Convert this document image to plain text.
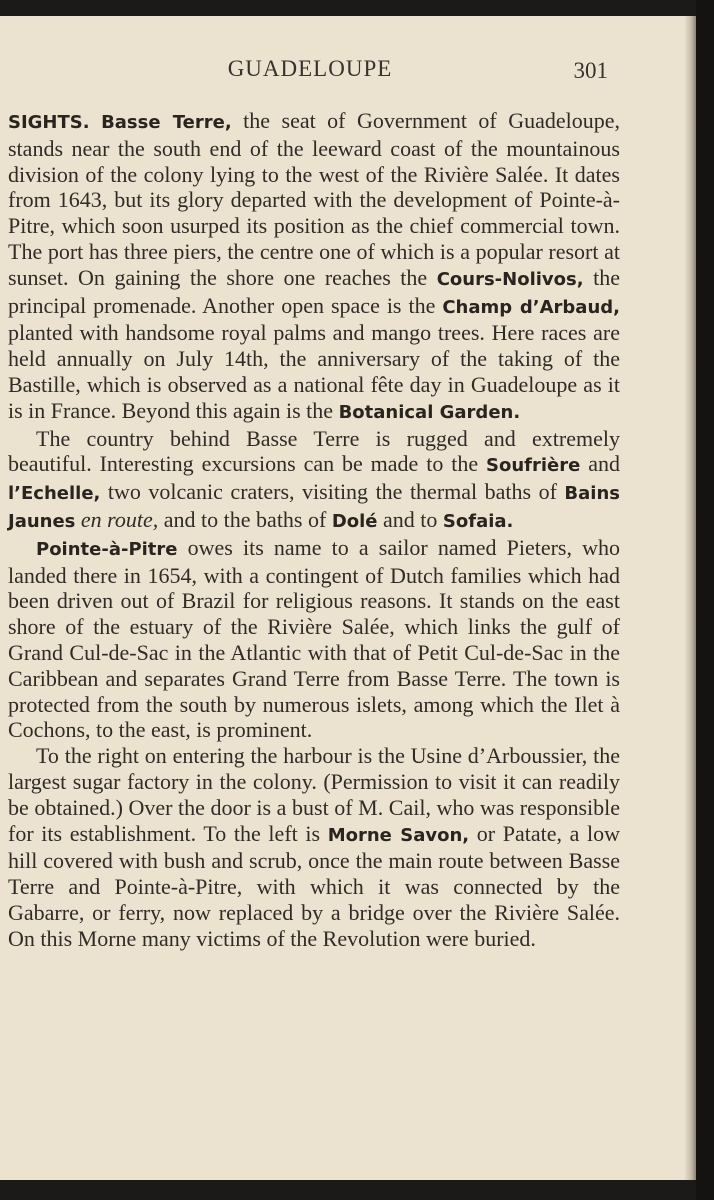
GUADELOUPE	301

SIGHTS. Basse Terre, the seat of Government of Guadeloupe, stands near the south end of the leeward coast of the mountainous division of the colony lying to the west of the Rivière Salée. It dates from 1643, but its glory departed with the development of Pointe-à-Pitre, which soon usurped its position as the chief commercial town. The port has three piers, the centre one of which is a popular resort at sunset. On gaining the shore one reaches the Cours-Nolivos, the principal promenade. Another open space is the Champ d’Arbaud, planted with handsome royal palms and mango trees. Here races are held annually on July 14th, the anniversary of the taking of the Bastille, which is observed as a national fête day in Guadeloupe as it is in France. Beyond this again is the Botanical Garden.

The country behind Basse Terre is rugged and extremely beautiful. Interesting excursions can be made to the Soufrière and l’Echelle, two volcanic craters, visiting the thermal baths of Bains Jaunes en route, and to the baths of Dolé and to Sofaia.

Pointe-à-Pitre owes its name to a sailor named Pieters, who landed there in 1654, with a contingent of Dutch families which had been driven out of Brazil for religious reasons. It stands on the east shore of the estuary of the Rivière Salée, which links the gulf of Grand Cul-de-Sac in the Atlantic with that of Petit Cul-de-Sac in the Caribbean and separates Grand Terre from Basse Terre. The town is protected from the south by numerous islets, among which the Ilet à Cochons, to the east, is prominent.

To the right on entering the harbour is the Usine d’Arboussier, the largest sugar factory in the colony. (Permission to visit it can readily be obtained.) Over the door is a bust of M. Cail, who was responsible for its establishment. To the left is Morne Savon, or Patate, a low hill covered with bush and scrub, once the main route between Basse Terre and Pointe-à-Pitre, with which it was connected by the Gabarre, or ferry, now replaced by a bridge over the Rivière Salée. On this Morne many victims of the Revolution were buried.
